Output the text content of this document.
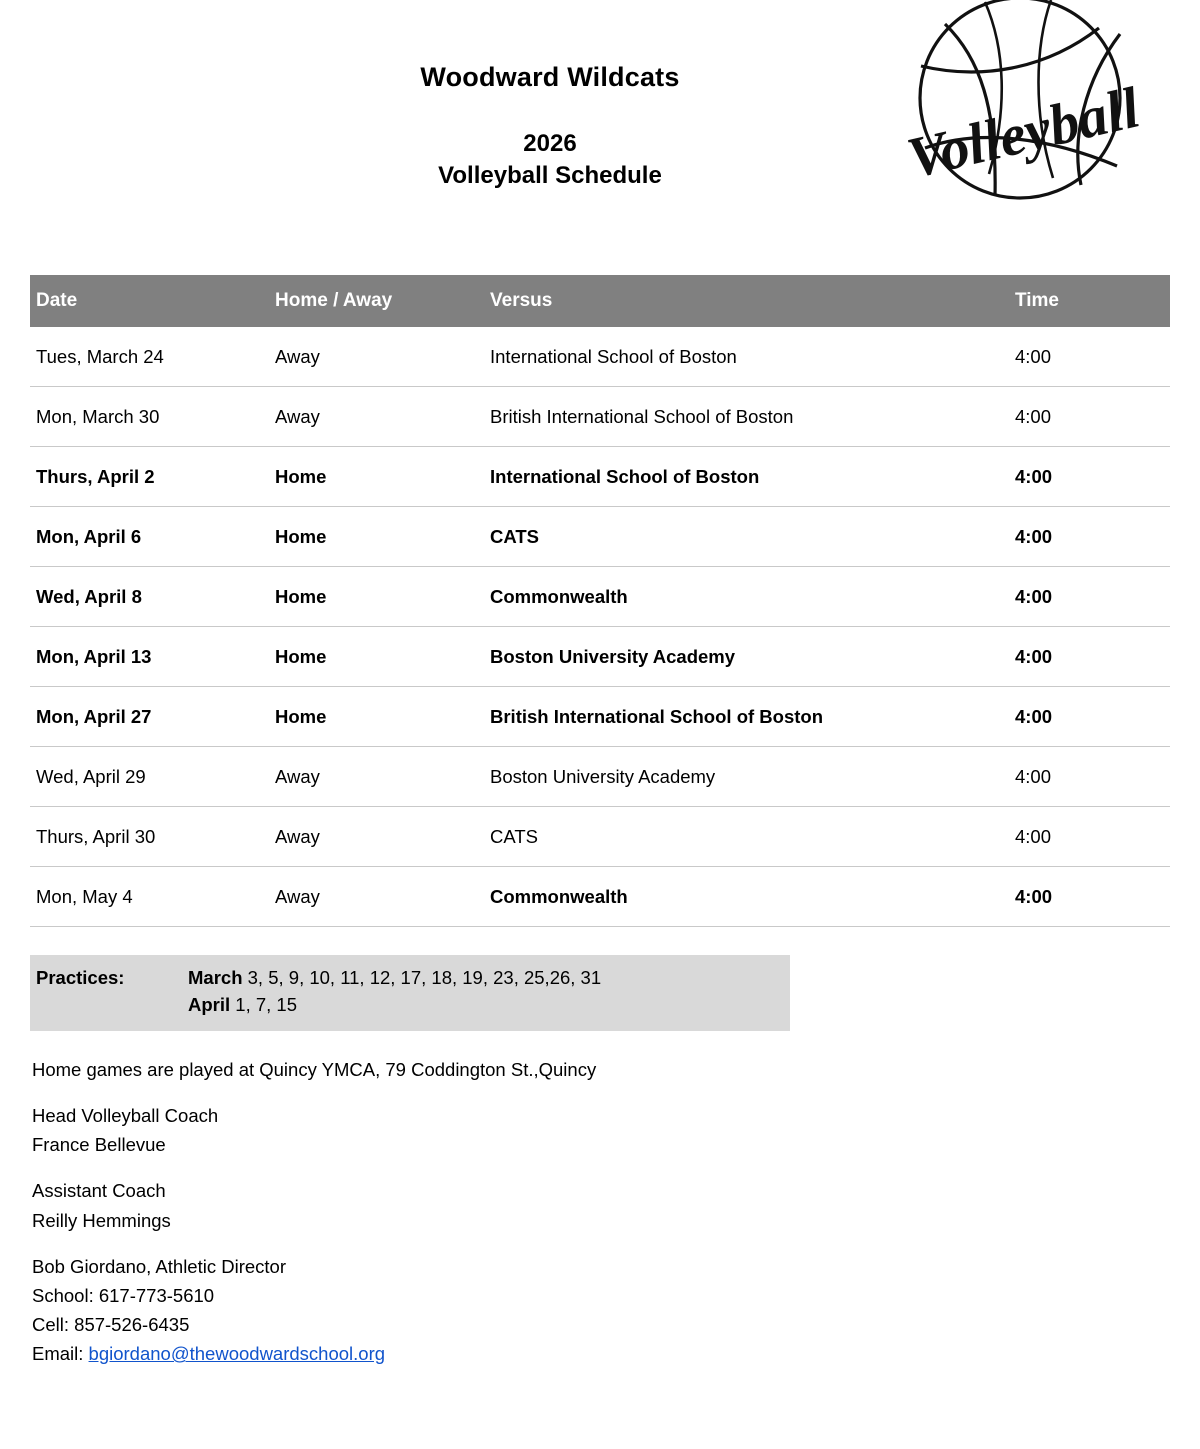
Woodward Wildcats

2026

Volleyball Schedule	Volleyball
Date	Home / Away	Versus	Time
Tues, March 24	Away	International School of Boston	4:00
Mon, March 30	Away	British International School of Boston	4:00
Thurs, April 2	Home	International School of Boston	4:00
Mon, April 6	Home	CATS	4:00
Wed, April 8	Home	Commonwealth	4:00
Mon, April 13	Home	Boston University Academy	4:00
Mon, April 27	Home	British International School of Boston	4:00
Wed, April 29	Away	Boston University Academy	4:00
Thurs, April 30	Away	CATS	4:00
Mon, May 4	Away	Commonwealth	4:00
Practices:	March 3, 5, 9, 10, 11, 12, 17, 18, 19, 23, 25,26, 31
April 1, 7, 15

Home games are played at Quincy YMCA, 79 Coddington St.,Quincy

Head Volleyball Coach

France Bellevue

Assistant Coach

Reilly Hemmings

Bob Giordano, Athletic Director

School: 617-773-5610

Cell: 857-526-6435

Email: bgiordano@thewoodwardschool.org
